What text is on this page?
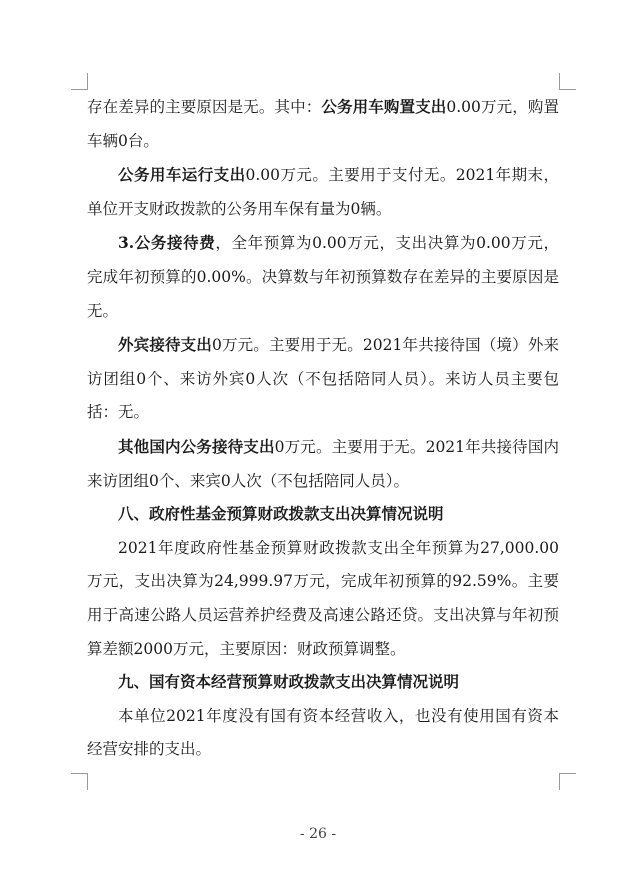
存在差异的主要原因是无。其中：公务用车购置支出0.00万元，购置车辆0台。

公务用车运行支出0.00万元。主要用于支付无。2021年期末，单位开支财政拨款的公务用车保有量为0辆。

3.公务接待费，全年预算为0.00万元，支出决算为0.00万元，完成年初预算的0.00%。决算数与年初预算数存在差异的主要原因是无。

外宾接待支出0万元。主要用于无。2021年共接待国（境）外来访团组0个、来访外宾0人次（不包括陪同人员）。来访人员主要包括：无。

其他国内公务接待支出0万元。主要用于无。2021年共接待国内来访团组0个、来宾0人次（不包括陪同人员）。

八、政府性基金预算财政拨款支出决算情况说明

2021年度政府性基金预算财政拨款支出全年预算为27,000.00万元，支出决算为24,999.97万元，完成年初预算的92.59%。主要用于高速公路人员运营养护经费及高速公路还贷。支出决算与年初预算差额2000万元，主要原因：财政预算调整。

九、国有资本经营预算财政拨款支出决算情况说明

本单位2021年度没有国有资本经营收入，也没有使用国有资本经营安排的支出。

- 26 -
